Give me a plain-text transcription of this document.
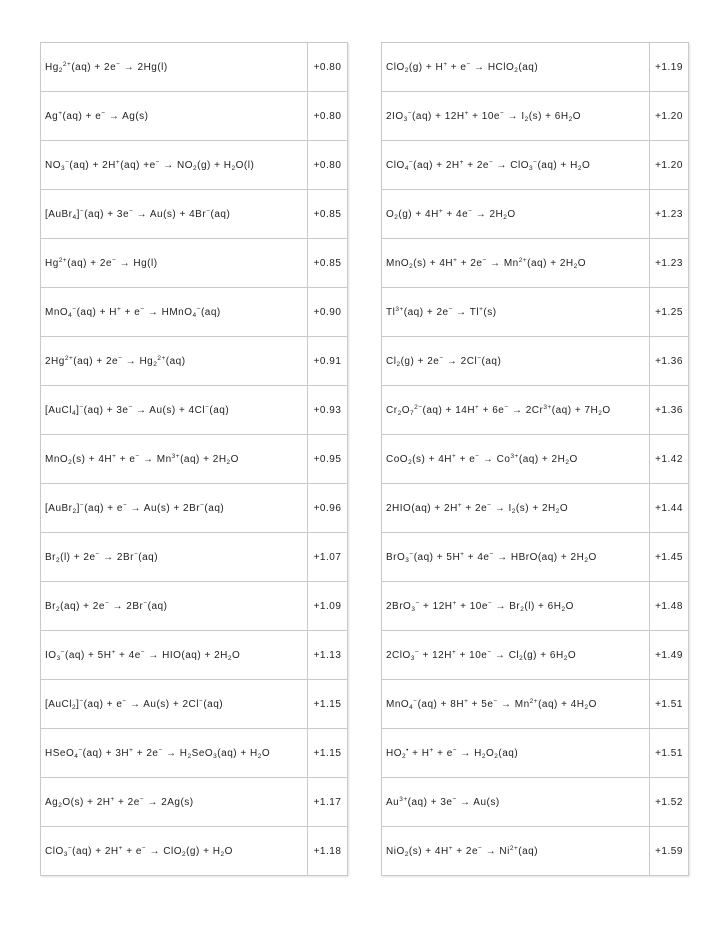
$Hg_2^{2+}(aq) + 2e^- \to 2Hg(l)$	+0.80
Ag+(aq) + e− → Ag(s)	+0.80
$NO_3^-(aq) + 2H^+(aq) +e^- \to NO_2(g) + H_2O(l)$	+0.80
[AuBr$_4$]−(aq) + 3e− → Au(s) + 4Br−(aq)	+0.85
$Hg^{2+}(aq) + 2e^- \to Hg(l)$	+0.85
MnO$_4$−(aq) + H+ + e− → HMnO$_4$−(aq)	+0.90
$2Hg^{2+}(aq) + 2e^- \to Hg_2^{2+}(aq)$	+0.91
[AuCl$_4$]−(aq) + 3e− → Au(s) + 4Cl−(aq)	+0.93
$MnO_2(s) + 4H^+ + e^- \to Mn^{3+}(aq) + 2H_2O$	+0.95
[AuBr$_2$]−(aq) + e− → Au(s) + 2Br−(aq)	+0.96
$Br_2(l) + 2e^- \to 2Br^-(aq)$	+1.07
$Br_2(aq) + 2e^- \to 2Br^-(aq)$	+1.09
$IO_3^-(aq) + 5H^+ + 4e^- \to HIO(aq) + 2H_2O$	+1.13
[AuCl$_2$]−(aq) + e− → Au(s) + 2Cl−(aq)	+1.15
HSeO$_4$−(aq) + $3H^+ + 2e^- \to H_2SeO_3(aq) + H_2O$	+1.15
$Ag_2O(s) + 2H^+ + 2e^- \to 2Ag(s)$	+1.17
$ClO_3^-(aq) + 2H^+ + e^- \to ClO_2(g) + H_2O$	+1.18
ClO$_2$(g) + H+ + e− → HClO$_2$(aq)	+1.19
$2IO_3^-(aq) + 12H^+ + 10e^- \to I_2(s) + 6H_2O$	+1.20
$ClO_4^-(aq) + 2H^+ + 2e^- \to ClO_3^-(aq) + H_2O$	+1.20
$O_2(g) + 4H^+ + 4e^- \to 2H_2O$	+1.23
$MnO_2(s) + 4H^+ + 2e^- \to Mn^{2+}(aq) + 2H_2O$	+1.23
$Tl^{3+}(aq) + 2e^- \to Tl^+(s)$	+1.25
$Cl_2(g) + 2e^- \to 2Cl^-(aq)$	+1.36
$Cr_2O_7^{2-}(aq) + 14H^+ + 6e^- \to 2Cr^{3+}(aq) + 7H_2O$	+1.36
$CoO_2(s) + 4H^+ + e^- \to Co^{3+}(aq) + 2H_2O$	+1.42
$2HIO(aq) + 2H^+ + 2e^- \to I_2(s) + 2H_2O$	+1.44
BrO$_3$−(aq) + 5H+ + 4e− → HBrO(aq) + $2H_2O$	+1.45
$2BrO_3^- + 12H^+ + 10e^- \to Br_2(l) + 6H_2O$	+1.48
$2ClO_3^- + 12H^+ + 10e^- \to Cl_2(g) + 6H_2O$	+1.49
$MnO_4^-(aq) + 8H^+ + 5e^- \to Mn^{2+}(aq) + 4H_2O$	+1.51
$HO_2^• + H^+ + e^- \to H_2O_2(aq)$	+1.51
$Au^{3+}(aq) + 3e^- \to Au(s)$	+1.52
$NiO_2(s) + 4H^+ + 2e^- \to Ni^{2+}(aq)$	+1.59
